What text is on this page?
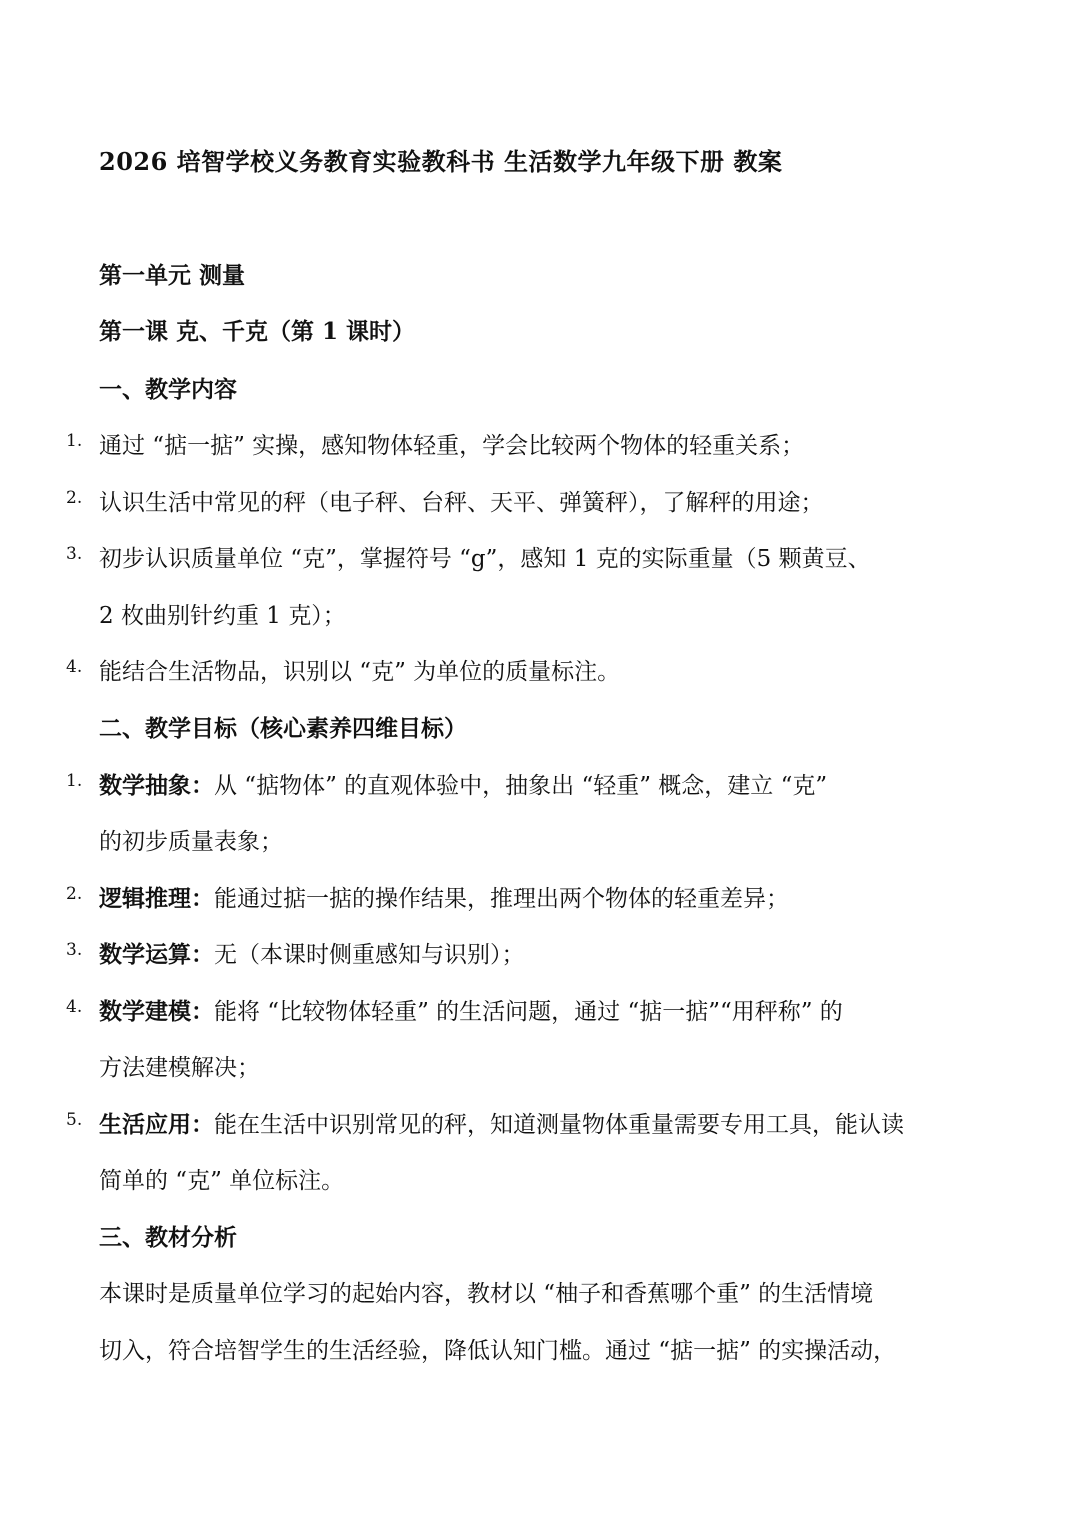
2026 培智学校义务教育实验教科书 生活数学九年级下册 教案
第一单元 测量
第一课 克、千克（第 1 课时）
一、教学内容
1. 通过 “掂一掂” 实操，感知物体轻重，学会比较两个物体的轻重关系；
2. 认识生活中常见的秤（电子秤、台秤、天平、弹簧秤），了解秤的用途；
3. 初步认识质量单位 “克”，掌握符号 “g”，感知 1 克的实际重量（5 颗黄豆、
2 枚曲别针约重 1 克）；
4. 能结合生活物品，识别以 “克” 为单位的质量标注。
二、教学目标（核心素养四维目标）
1. 数学抽象：从 “掂物体” 的直观体验中，抽象出 “轻重” 概念，建立 “克”
的初步质量表象；
2. 逻辑推理：能通过掂一掂的操作结果，推理出两个物体的轻重差异；
3. 数学运算：无（本课时侧重感知与识别）；
4. 数学建模：能将 “比较物体轻重” 的生活问题，通过 “掂一掂”“用秤称” 的
方法建模解决；
5. 生活应用：能在生活中识别常见的秤，知道测量物体重量需要专用工具，能认读
简单的 “克” 单位标注。
三、教材分析
本课时是质量单位学习的起始内容，教材以 “柚子和香蕉哪个重” 的生活情境
切入，符合培智学生的生活经验，降低认知门槛。通过 “掂一掂” 的实操活动，
